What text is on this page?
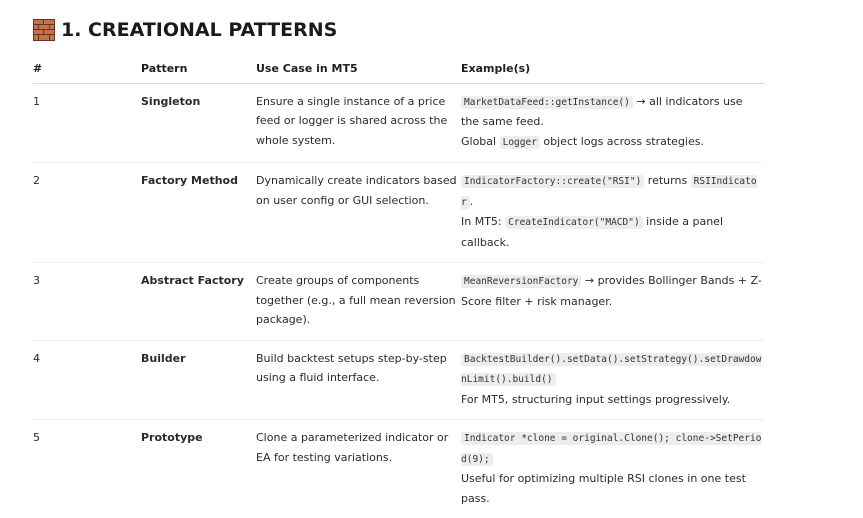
1. CREATIONAL PATTERNS
#	Pattern	Use Case in MT5	Example(s)
1	Singleton	Ensure a single instance of a price feed or logger is shared across the whole system.	MarketDataFeed::getInstance() → all indicators use the same feed.
Global Logger object logs across strategies.

2	Factory Method	Dynamically create indicators based on user config or GUI selection.	IndicatorFactory::create("RSI") returns RSIIndicator .
In MT5: CreateIndicator("MACD") inside a panel callback.

3	Abstract Factory	Create groups of components together (e.g., a full mean reversion package).	MeanReversionFactory → provides Bollinger Bands + Z-Score filter + risk manager.

4	Builder	Build backtest setups step-by-step using a fluid interface.	BacktestBuilder().setData().setStrategy().setDrawdownLimit().build()
For MT5, structuring input settings progressively.

5	Prototype	Clone a parameterized indicator or EA for testing variations.	Indicator *clone = original.Clone(); clone->SetPeriod(9);
Useful for optimizing multiple RSI clones in one test pass.
